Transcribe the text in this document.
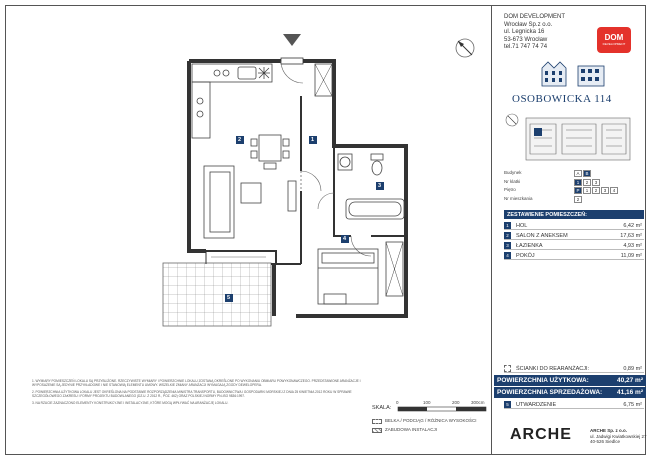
1
2
3
4
5
1. WYMIARY POMIESZCZEŃ LOKALU SĄ PRZYBLIŻONE. RZECZYWISTE WYMIARY I POWIERZCHNIE LOKALU ZOSTANĄ OKREŚLONE PO WYKONANIU OBMIARU POWYKONAWCZEGO. PRZEDSTAWIONE ARANŻACJE I WYPOSAŻENIE SĄ JEDYNIE PRZYKŁADOWE I NIE STANOWIĄ ELEMENTU UMOWY. WSZELKIE ZMIANY ARANŻACJI WYMAGAJĄ ZGODY DEWELOPERA.
2. POWIERZCHNIA UŻYTKOWA LOKALU JEST OKREŚLONA NA PODSTAWIE ROZPORZĄDZENIA MINISTRA TRANSPORTU, BUDOWNICTWA I GOSPODARKI MORSKIEJ Z DNIA 25 KWIETNIA 2012 ROKU W SPRAWIE SZCZEGÓŁOWEGO ZAKRESU I FORMY PROJEKTU BUDOWLANEGO (DZ.U. Z 2012 R., POZ. 462) ORAZ POLSKIEJ NORMY PN-ISO 9836:1997.
3. NA RZUCIE ZAZNACZONO ELEMENTY KONSTRUKCYJNE I INSTALACYJNE, KTÓRE MOGĄ WPŁYWAĆ NA ARANŻACJĘ LOKALU.
SKALA:
0	100	200	300cm
BELKA / PODCIĄG / RÓŻNICA WYSOKOŚCI
ZABUDOWA INSTALACJI
DOM DEVELOPMENT
Wrocław Sp.z o.o.
ul. Legnicka 16
53-673 Wrocław
tel.71 747 74 74
DOM
DEVELOPMENT
OSOBOWICKA 114
Budynek	A	B
Nr klatki	1	2	3
Piętro	P	1	2	3	4
Nr mieszkania	2
ZESTAWIENIE POMIESZCZEŃ:
ŚCIANKI DO REARANŻACJI:	0,89 m²
POWIERZCHNIA UŻYTKOWA:	40,27 m²
POWIERZCHNIA SPRZEDAŻOWA: 41,16 m²
5	UTWARDZENIE	6,75 m²
ARCHE	ARCHE Sp. z o.o.
ul. Jadwigi Kwiatkowskiej 27
40-526 Siedlce
1	HOL	6,42 m²
2	SALON Z ANEKSEM	17,63 m²
3	ŁAZIENKA	4,93 m²
4	POKÓJ	11,09 m²
